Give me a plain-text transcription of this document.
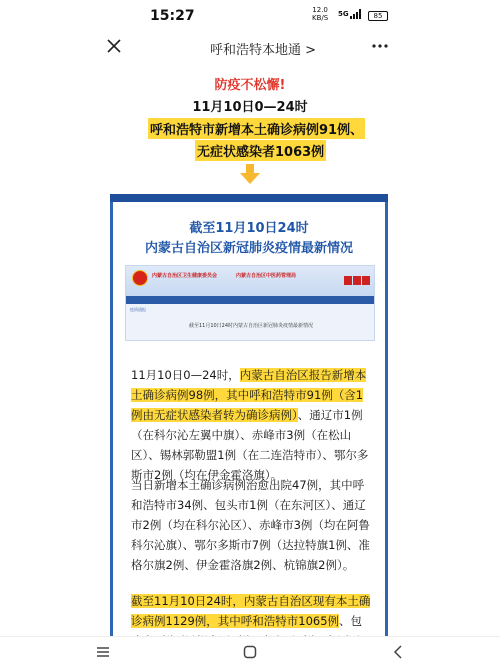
15:27	12.0
KB/S 5G	85
呼和浩特本地通 >
防疫不松懈!
11月10日0—24时
呼和浩特市新增本土确诊病例91例、
无症状感染者1063例
截至11月10日24时
内蒙古自治区新冠肺炎疫情最新情况
内蒙古自治区卫生健康委员会	内蒙古自治区中医药管理局
疫情通报
截至11月10日24时内蒙古自治区新冠肺炎疫情最新情况
11月10日0—24时，内蒙古自治区报告新增本土确诊病例98例，其中呼和浩特市91例（含1例由无症状感染者转为确诊病例）、通辽市1例（在科尔沁左翼中旗）、赤峰市3例（在松山区）、锡林郭勒盟1例（在二连浩特市）、鄂尔多斯市2例（均在伊金霍洛旗）。
当日新增本土确诊病例治愈出院47例，其中呼和浩特市34例、包头市1例（在东河区）、通辽市2例（均在科尔沁区）、赤峰市3例（均在阿鲁科尔沁旗）、鄂尔多斯市7例（达拉特旗1例、准格尔旗2例、伊金霍洛旗2例、杭锦旗2例）。
截至11月10日24时，内蒙古自治区现有本土确诊病例1129例，其中呼和浩特市1065例、包
